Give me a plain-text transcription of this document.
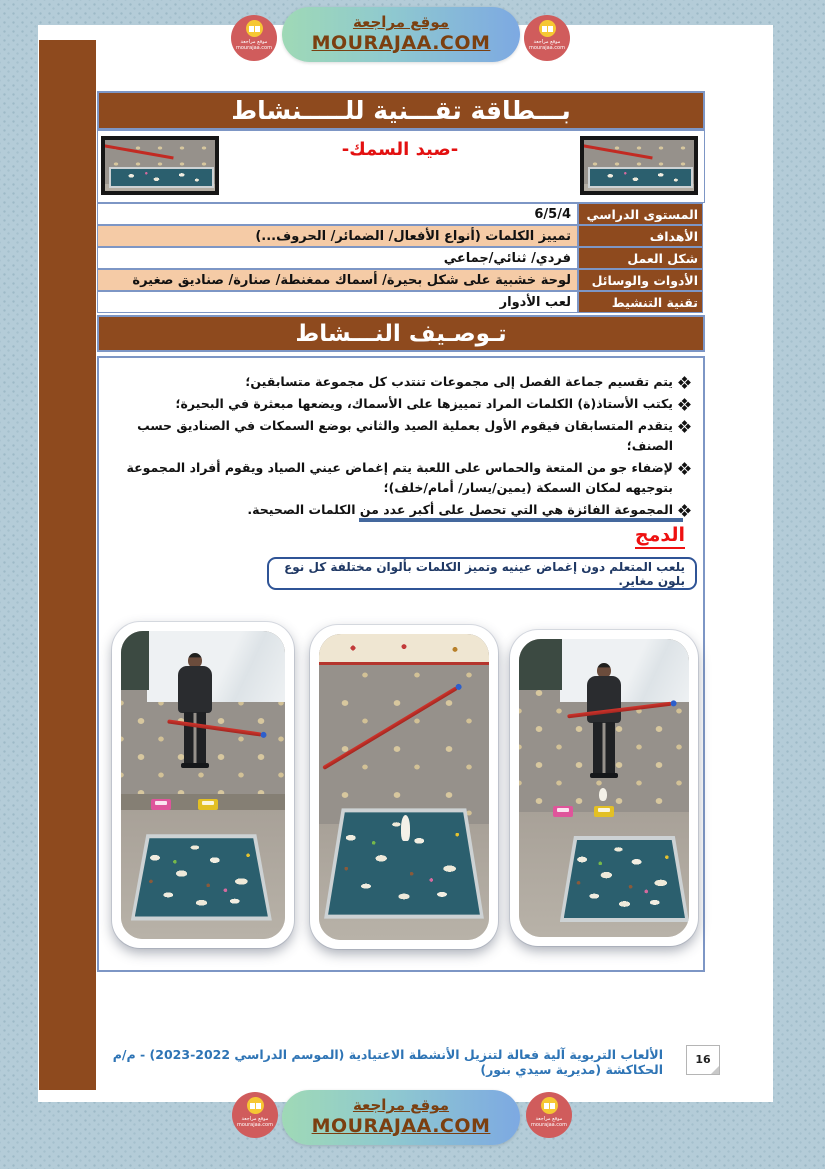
موقع مراجعة
MOURAJAA.COM
موقع مراجعة
mourajaa.com
موقع مراجعة
mourajaa.com
بـــطاقة تقـــنية للـــــنشاط
-صيد السمك-
6/5/4	المستوى الدراسي
تمييز الكلمات (أنواع الأفعال/ الضمائر/ الحروف...)	الأهداف
فردي/ ثنائي/جماعي	شكل العمل
لوحة خشبية على شكل بحيرة/ أسماك ممغنطة/ صنارة/ صناديق صغيرة	الأدوات والوسائل
لعب الأدوار	تقنية التنشيط
تـوصـيف النـــشاط
يتم تقسيم جماعة الفصل إلى مجموعات تنتدب كل مجموعة متسابقين؛
يكتب الأستاذ(ة) الكلمات المراد تمييزها على الأسماك، ويضعها مبعثرة في البحيرة؛
يتقدم المتسابقان فيقوم الأول بعملية الصيد والثاني بوضع السمكات في الصناديق حسب الصنف؛
لإضفاء جو من المتعة والحماس على اللعبة يتم إغماض عيني الصياد ويقوم أفراد المجموعة بتوجيهه لمكان السمكة (يمين/يسار/ أمام/خلف)؛
المجموعة الفائزة هي التي تحصل على أكبر عدد من الكلمات الصحيحة.
الدمج
يلعب المتعلم دون إغماض عينيه وتميز الكلمات بألوان مختلفة كل نوع بلون مغاير.
الألعاب التربوية آلية فعالة لتنزيل الأنشطة الاعتيادية (الموسم الدراسي 2022-2023) - م/م الحكاكشة (مديرية سيدي بنور)
16
موقع مراجعة
MOURAJAA.COM
موقع مراجعة
mourajaa.com
موقع مراجعة
mourajaa.com
